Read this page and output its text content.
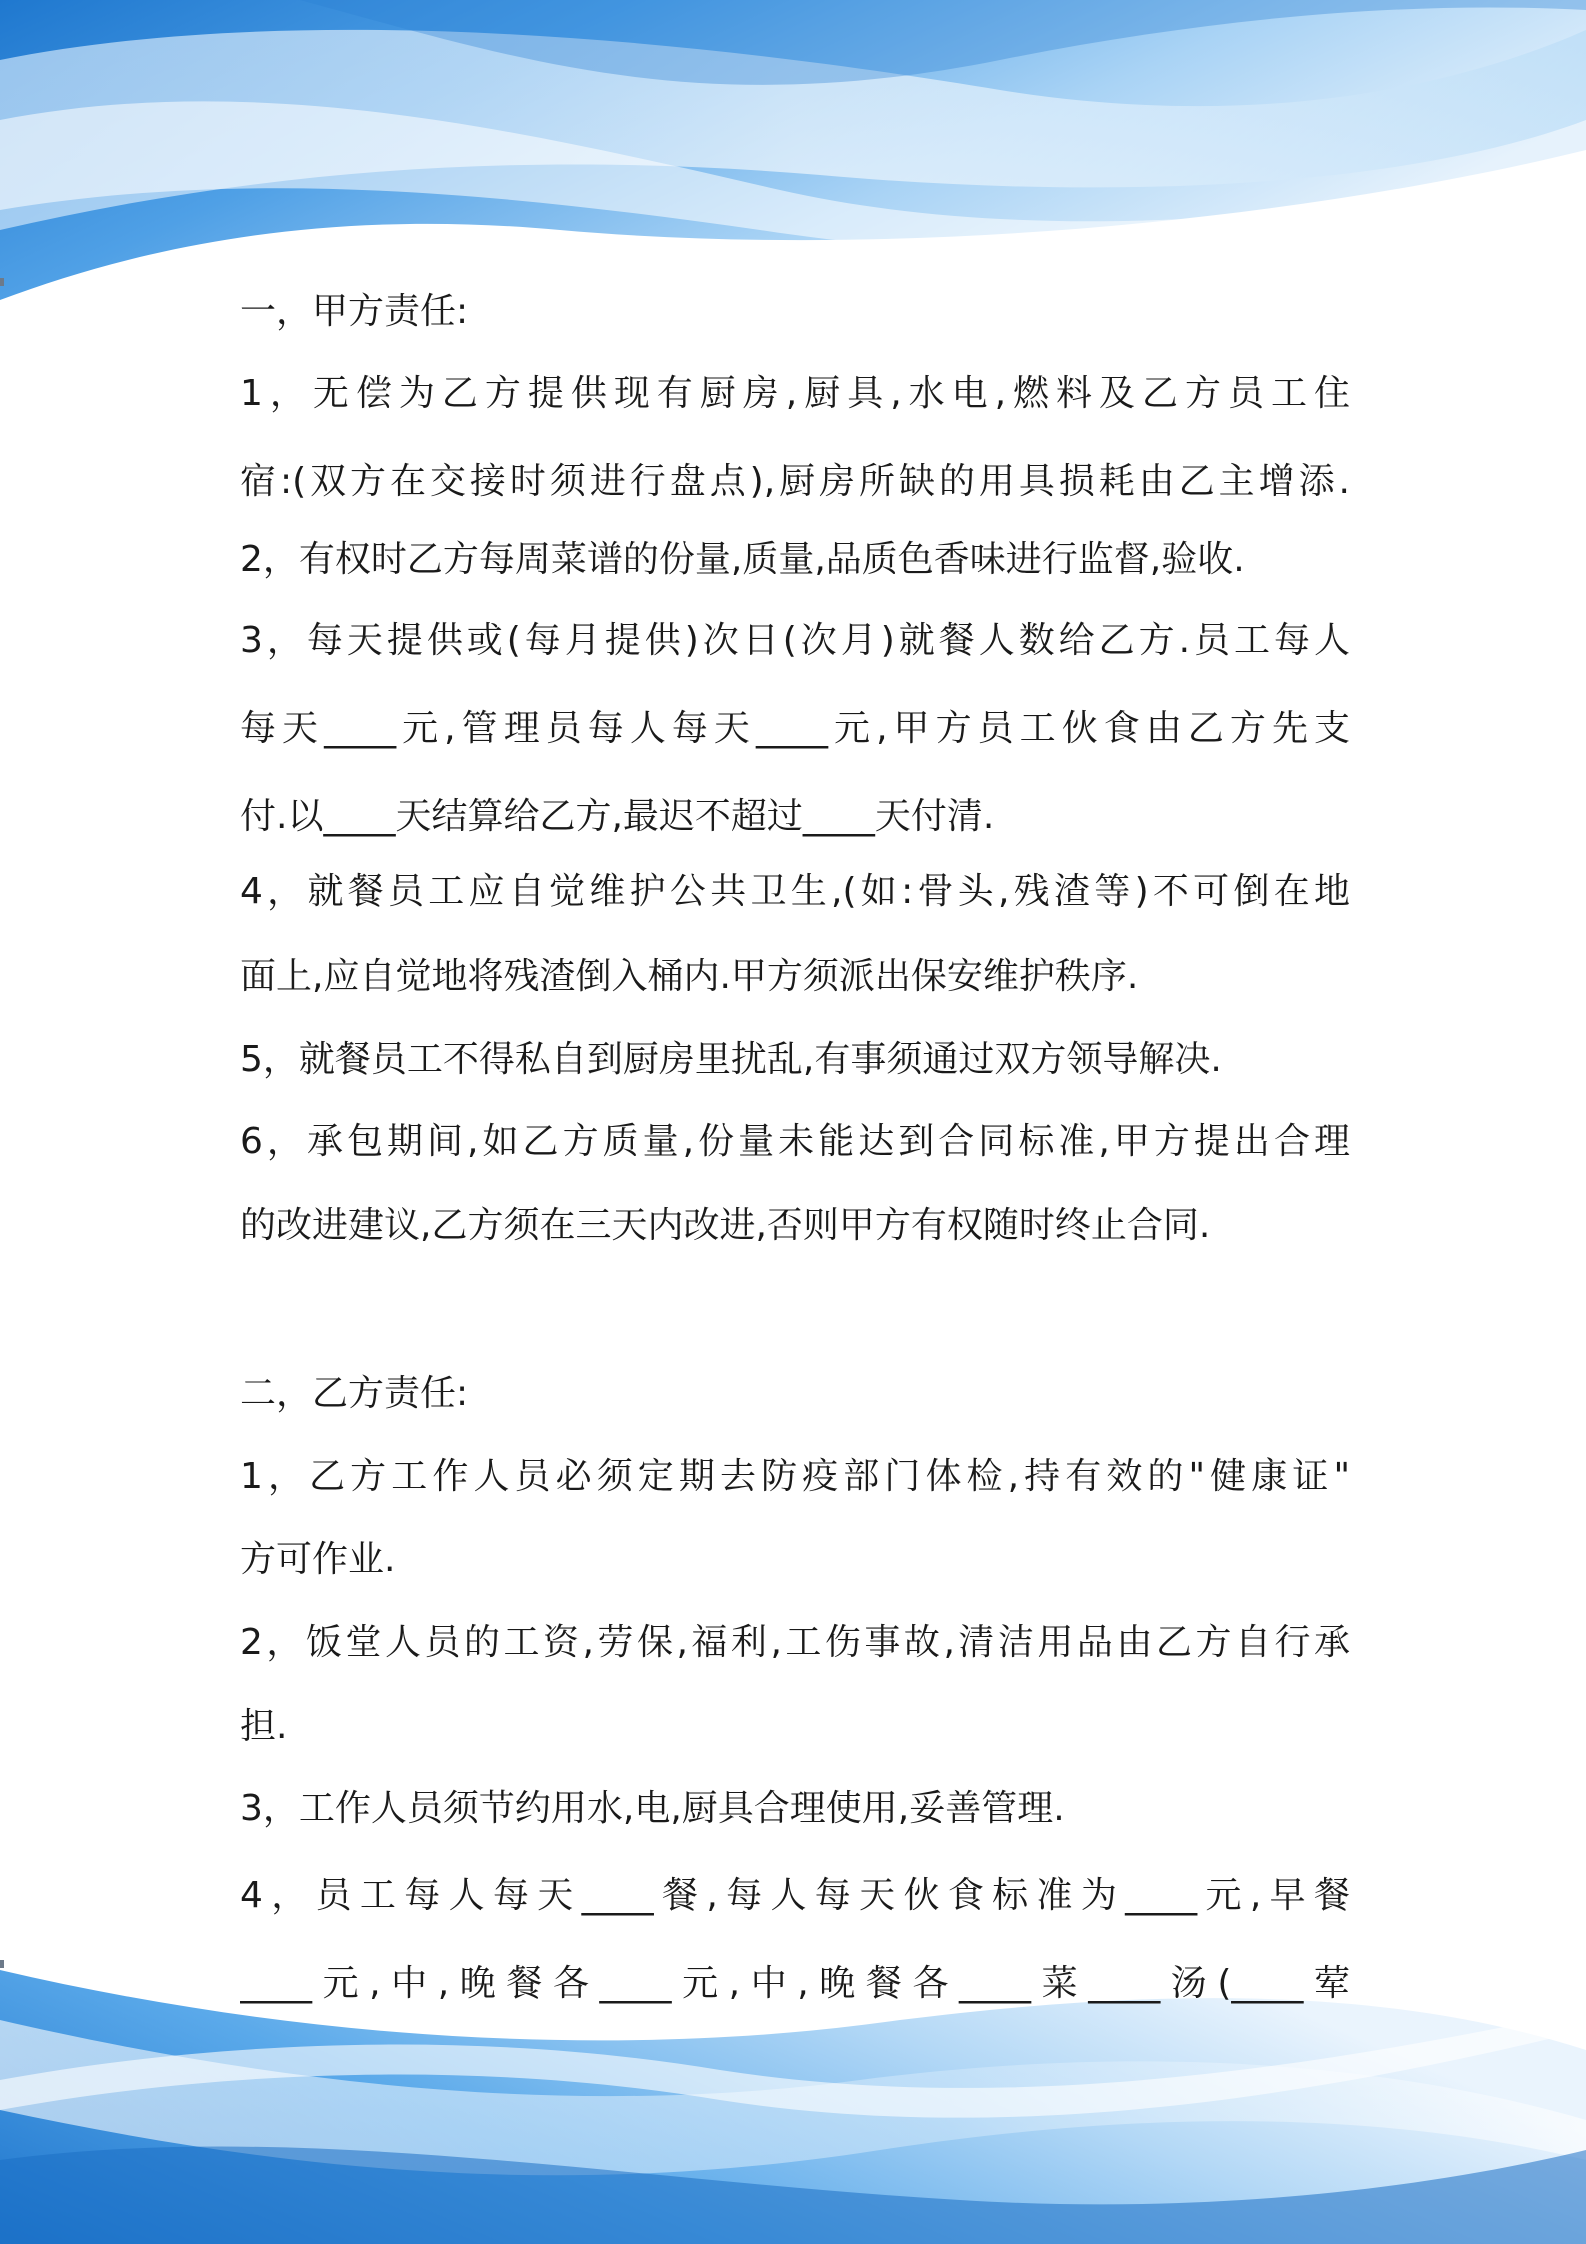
一，甲方责任:
1，无偿为乙方提供现有厨房,厨具,水电,燃料及乙方员工住
宿:(双方在交接时须进行盘点),厨房所缺的用具损耗由乙主增添.
2，有权时乙方每周菜谱的份量,质量,品质色香味进行监督,验收.
3，每天提供或(每月提供)次日(次月)就餐人数给乙方.员工每人
每天____元,管理员每人每天____元,甲方员工伙食由乙方先支
付.以____天结算给乙方,最迟不超过____天付清.
4，就餐员工应自觉维护公共卫生,(如:骨头,残渣等)不可倒在地
面上,应自觉地将残渣倒入桶内.甲方须派出保安维护秩序.
5，就餐员工不得私自到厨房里扰乱,有事须通过双方领导解决.
6，承包期间,如乙方质量,份量未能达到合同标准,甲方提出合理
的改进建议,乙方须在三天内改进,否则甲方有权随时终止合同.
二，乙方责任:
1，乙方工作人员必须定期去防疫部门体检,持有效的"健康证"
方可作业.
2，饭堂人员的工资,劳保,福利,工伤事故,清洁用品由乙方自行承
担.
3，工作人员须节约用水,电,厨具合理使用,妥善管理.
4，员工每人每天____餐,每人每天伙食标准为____元,早餐
____元,中,晚餐各____元,中,晚餐各____菜____汤(____荤
